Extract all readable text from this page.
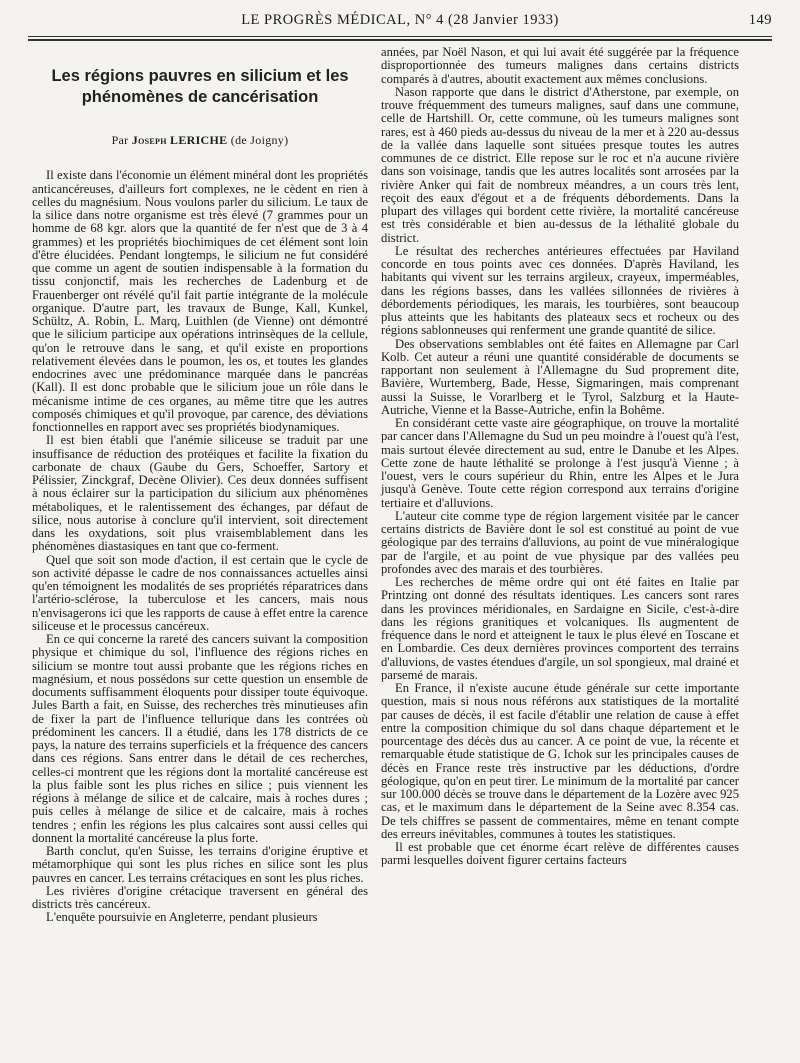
LE PROGRÈS MÉDICAL, N° 4 (28 Janvier 1933)	149
Les régions pauvres en silicium et les
phénomènes de cancérisation
Par Joseph LERICHE (de Joigny)

Il existe dans l'économie un élément minéral dont les propriétés anticancéreuses, d'ailleurs fort complexes, ne le cèdent en rien à celles du magnésium. Nous voulons parler du silicium. Le taux de la silice dans notre organisme est très élevé (7 grammes pour un homme de 68 kgr. alors que la quantité de fer n'est que de 3 à 4 grammes) et les propriétés biochimiques de cet élément sont loin d'être élucidées. Pendant longtemps, le silicium ne fut considéré que comme un agent de soutien indispensable à la formation du tissu conjonctif, mais les recherches de Ladenburg et de Frauenberger ont révélé qu'il fait partie intégrante de la molécule organique. D'autre part, les travaux de Bunge, Kall, Kunkel, Schültz, A. Robin, L. Marq, Luithlen (de Vienne) ont démontré que le silicium participe aux opérations intrinsèques de la cellule, qu'on le retrouve dans le sang, et qu'il existe en proportions relativement élevées dans le poumon, les os, et toutes les glandes endocrines avec une prédominance marquée dans le pancréas (Kall). Il est donc probable que le silicium joue un rôle dans le mécanisme intime de ces organes, au même titre que les autres composés chimiques et qu'il provoque, par carence, des déviations fonctionnelles en rapport avec ses propriétés biodynamiques.

Il est bien établi que l'anémie siliceuse se traduit par une insuffisance de réduction des protéiques et facilite la fixation du carbonate de chaux (Gaube du Gers, Schoeffer, Sartory et Pélissier, Zinckgraf, Decène Olivier). Ces deux données suffisent à nous éclairer sur la participation du silicium aux phénomènes métaboliques, et le ralentissement des échanges, par défaut de silice, nous autorise à conclure qu'il intervient, soit directement dans les oxydations, soit plus vraisemblablement dans les phénomènes diastasiques en tant que co-ferment.

Quel que soit son mode d'action, il est certain que le cycle de son activité dépasse le cadre de nos connaissances actuelles ainsi qu'en témoignent les modalités de ses propriétés réparatrices dans l'artério-sclérose, la tuberculose et les cancers, mais nous n'envisagerons ici que les rapports de cause à effet entre la carence siliceuse et le processus cancéreux.

En ce qui concerne la rareté des cancers suivant la composition physique et chimique du sol, l'influence des régions riches en silicium se montre tout aussi probante que les régions riches en magnésium, et nous possédons sur cette question un ensemble de documents suffisamment éloquents pour dissiper toute équivoque. Jules Barth a fait, en Suisse, des recherches très minutieuses afin de fixer la part de l'influence tellurique dans les contrées où prédominent les cancers. Il a étudié, dans les 178 districts de ce pays, la nature des terrains superficiels et la fréquence des cancers dans ces régions. Sans entrer dans le détail de ces recherches, celles-ci montrent que les régions dont la mortalité cancéreuse est la plus faible sont les plus riches en silice ; puis viennent les régions à mélange de silice et de calcaire, mais à roches dures ; puis celles à mélange de silice et de calcaire, mais à roches tendres ; enfin les régions les plus calcaires sont aussi celles qui donnent la mortalité cancéreuse la plus forte.

Barth conclut, qu'en Suisse, les terrains d'origine éruptive et métamorphique qui sont les plus riches en silice sont les plus pauvres en cancer. Les terrains crétaciques en sont les plus riches.

Les rivières d'origine crétacique traversent en général des districts très cancéreux.

L'enquête poursuivie en Angleterre, pendant plusieurs

années, par Noël Nason, et qui lui avait été suggérée par la fréquence disproportionnée des tumeurs malignes dans certains districts comparés à d'autres, aboutit exactement aux mêmes conclusions.

Nason rapporte que dans le district d'Atherstone, par exemple, on trouve fréquemment des tumeurs malignes, sauf dans une commune, celle de Hartshill. Or, cette commune, où les tumeurs malignes sont rares, est à 460 pieds au-dessus du niveau de la mer et à 220 au-dessus de la vallée dans laquelle sont situées presque toutes les autres communes de ce district. Elle repose sur le roc et n'a aucune rivière dans son voisinage, tandis que les autres localités sont arrosées par la rivière Anker qui fait de nombreux méandres, a un cours très lent, reçoit des eaux d'égout et a de fréquents débordements. Dans la plupart des villages qui bordent cette rivière, la mortalité cancéreuse est très considérable et bien au-dessus de la léthalité globale du district.

Le résultat des recherches antérieures effectuées par Haviland concorde en tous points avec ces données. D'après Haviland, les habitants qui vivent sur les terrains argileux, crayeux, imperméables, dans les régions basses, dans les vallées sillonnées de rivières à débordements périodiques, les marais, les tourbières, sont beaucoup plus atteints que les habitants des plateaux secs et rocheux ou des régions sablonneuses qui renferment une grande quantité de silice.

Des observations semblables ont été faites en Allemagne par Carl Kolb. Cet auteur a réuni une quantité considérable de documents se rapportant non seulement à l'Allemagne du Sud proprement dite, Bavière, Wurtemberg, Bade, Hesse, Sigmaringen, mais comprenant aussi la Suisse, le Vorarlberg et le Tyrol, Salzburg et la Haute-Autriche, Vienne et la Basse-Autriche, enfin la Bohême.

En considérant cette vaste aire géographique, on trouve la mortalité par cancer dans l'Allemagne du Sud un peu moindre à l'ouest qu'à l'est, mais surtout élevée directement au sud, entre le Danube et les Alpes. Cette zone de haute léthalité se prolonge à l'est jusqu'à Vienne ; à l'ouest, vers le cours supérieur du Rhin, entre les Alpes et le Jura jusqu'à Genève. Toute cette région correspond aux terrains d'origine tertiaire et d'alluvions.

L'auteur cite comme type de région largement visitée par le cancer certains districts de Bavière dont le sol est constitué au point de vue géologique par des terrains d'alluvions, au point de vue minéralogique par de l'argile, et au point de vue physique par des vallées peu profondes avec des marais et des tourbières.

Les recherches de même ordre qui ont été faites en Italie par Printzing ont donné des résultats identiques. Les cancers sont rares dans les provinces méridionales, en Sardaigne en Sicile, c'est-à-dire dans les régions granitiques et volcaniques. Ils augmentent de fréquence dans le nord et atteignent le taux le plus élevé en Toscane et en Lombardie. Ces deux dernières provinces comportent des terrains d'alluvions, de vastes étendues d'argile, un sol spongieux, mal drainé et parsemé de marais.

En France, il n'existe aucune étude générale sur cette importante question, mais si nous nous référons aux statistiques de la mortalité par causes de décès, il est facile d'établir une relation de cause à effet entre la composition chimique du sol dans chaque département et le pourcentage des décès dus au cancer. A ce point de vue, la récente et remarquable étude statistique de G. Ichok sur les principales causes de décès en France reste très instructive par les déductions, d'ordre géologique, qu'on en peut tirer. Le minimum de la mortalité par cancer sur 100.000 décès se trouve dans le département de la Lozère avec 925 cas, et le maximum dans le département de la Seine avec 8.354 cas. De tels chiffres se passent de commentaires, même en tenant compte des erreurs inévitables, communes à toutes les statistiques.

Il est probable que cet énorme écart relève de différentes causes parmi lesquelles doivent figurer certains facteurs
